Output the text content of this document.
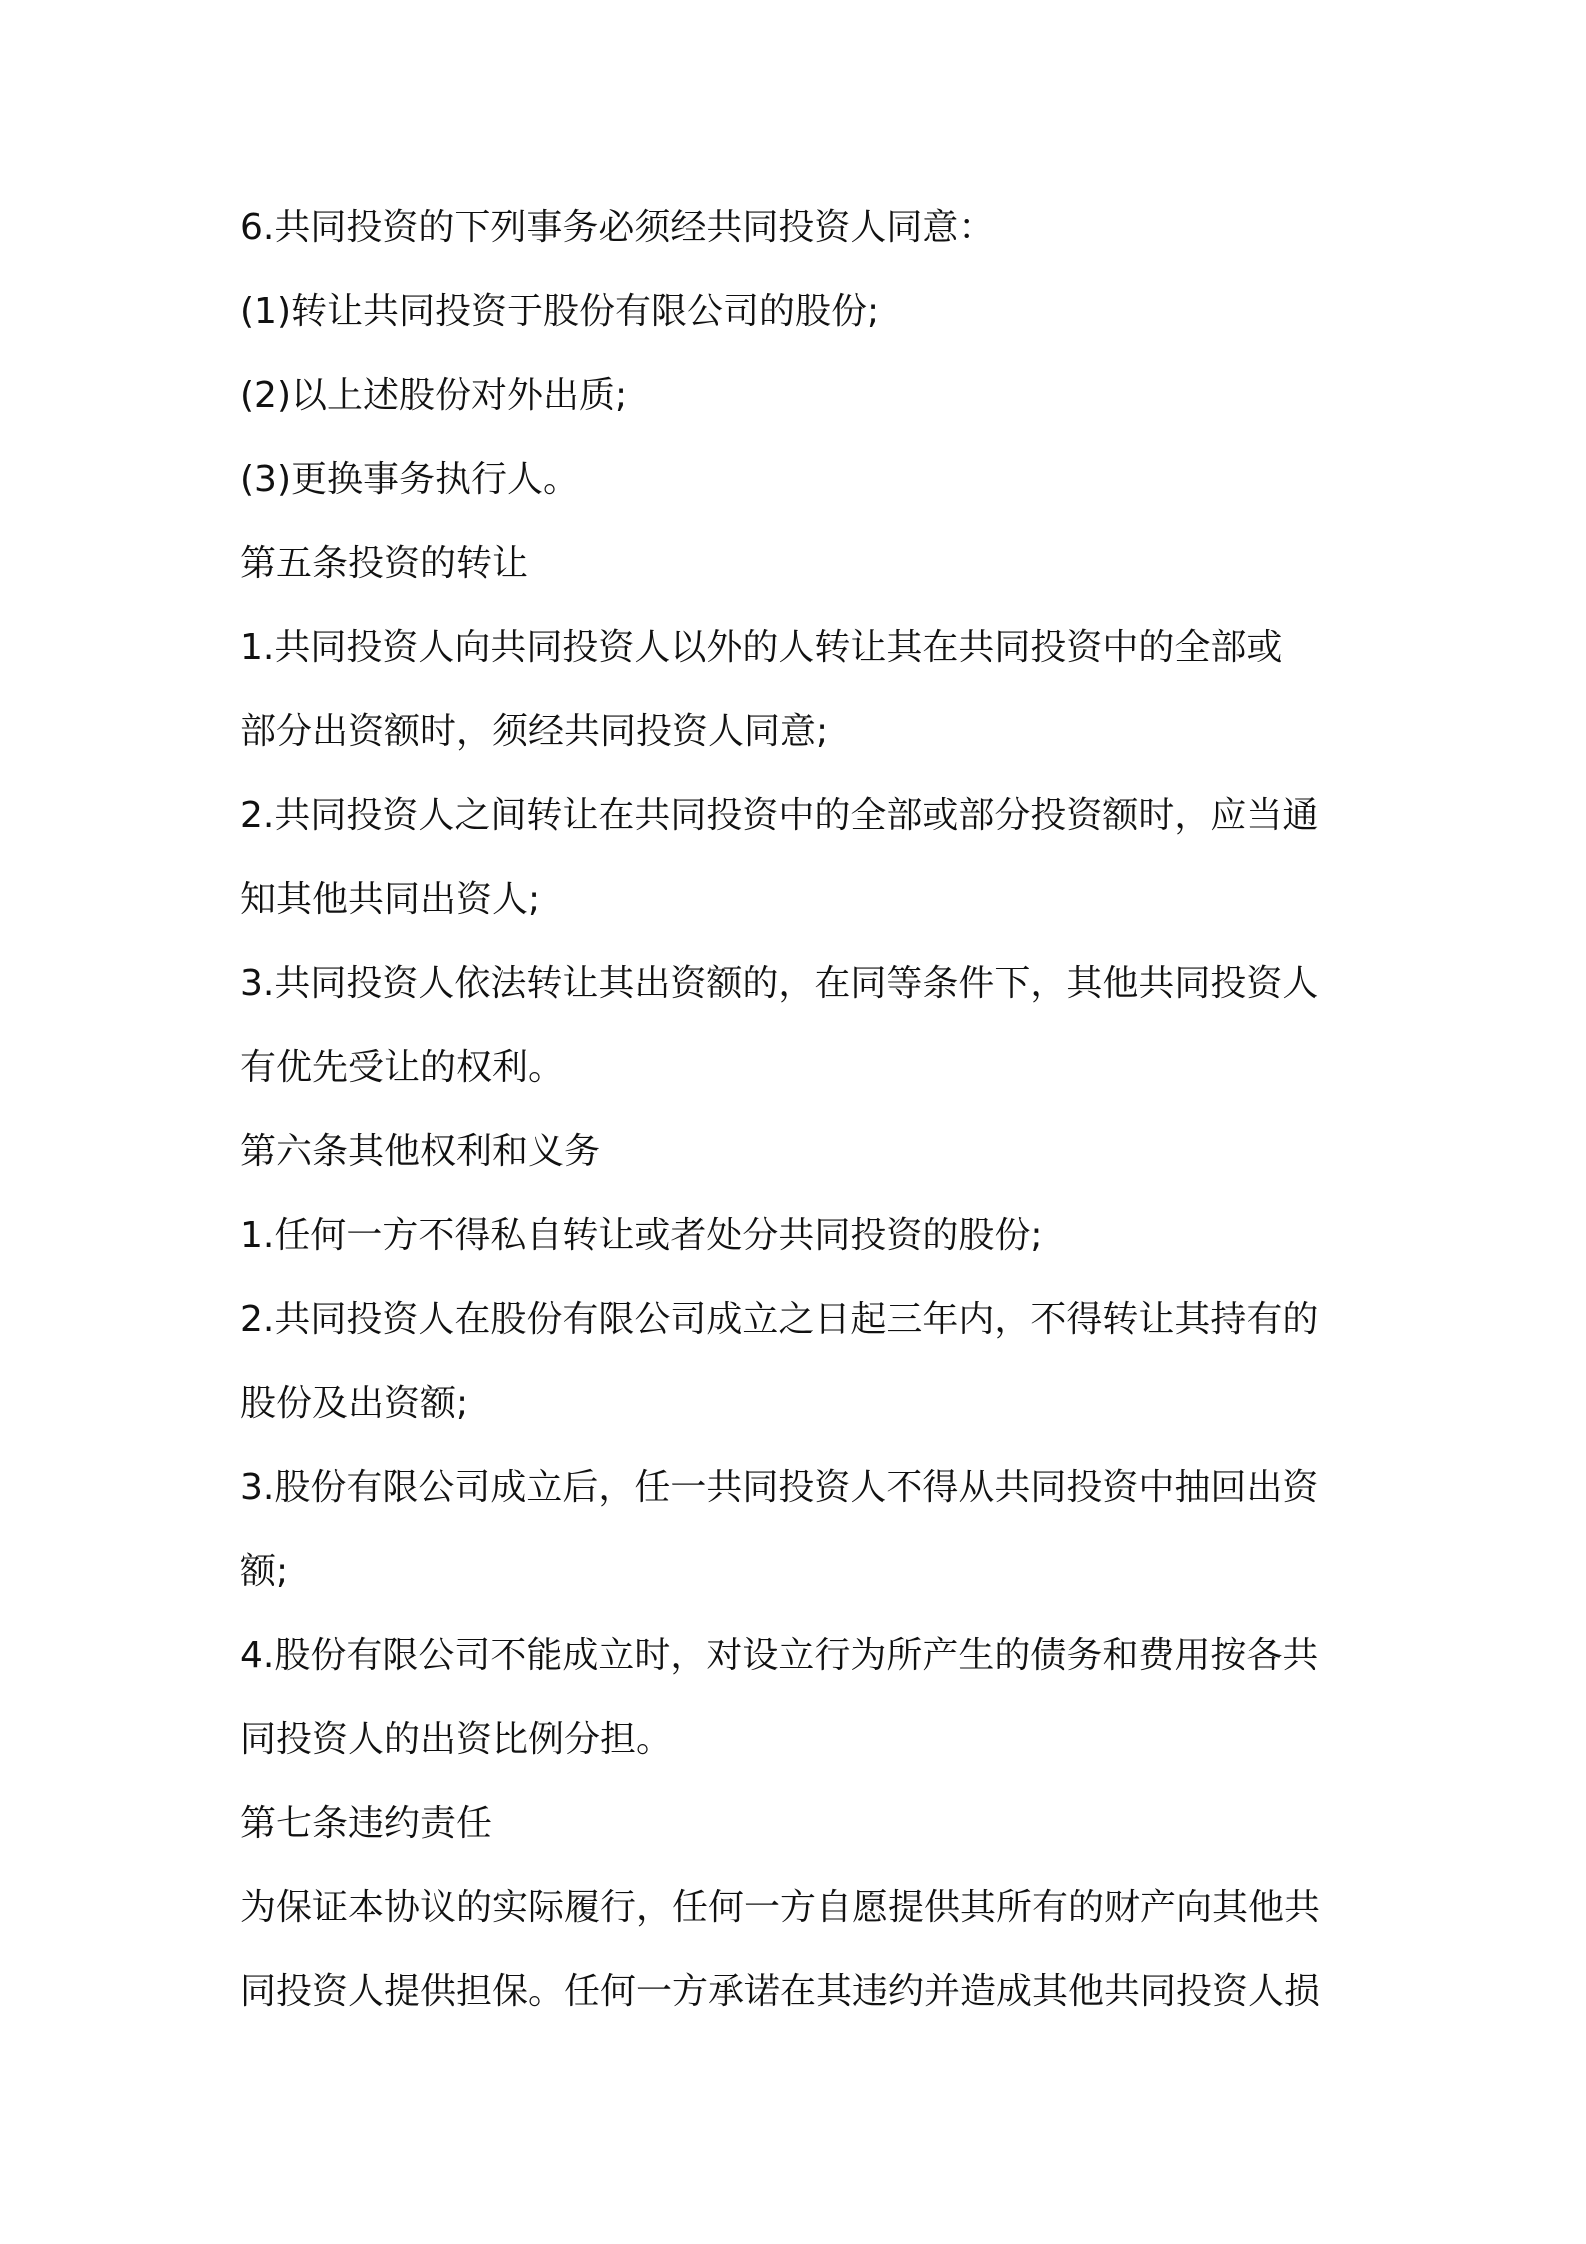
6.共同投资的下列事务必须经共同投资人同意：
(1)转让共同投资于股份有限公司的股份;
(2)以上述股份对外出质;
(3)更换事务执行人。
第五条投资的转让
1.共同投资人向共同投资人以外的人转让其在共同投资中的全部或
部分出资额时，须经共同投资人同意;
2.共同投资人之间转让在共同投资中的全部或部分投资额时，应当通
知其他共同出资人;
3.共同投资人依法转让其出资额的，在同等条件下，其他共同投资人
有优先受让的权利。
第六条其他权利和义务
1.任何一方不得私自转让或者处分共同投资的股份;
2.共同投资人在股份有限公司成立之日起三年内，不得转让其持有的
股份及出资额;
3.股份有限公司成立后，任一共同投资人不得从共同投资中抽回出资
额;
4.股份有限公司不能成立时，对设立行为所产生的债务和费用按各共
同投资人的出资比例分担。
第七条违约责任
为保证本协议的实际履行，任何一方自愿提供其所有的财产向其他共
同投资人提供担保。任何一方承诺在其违约并造成其他共同投资人损
